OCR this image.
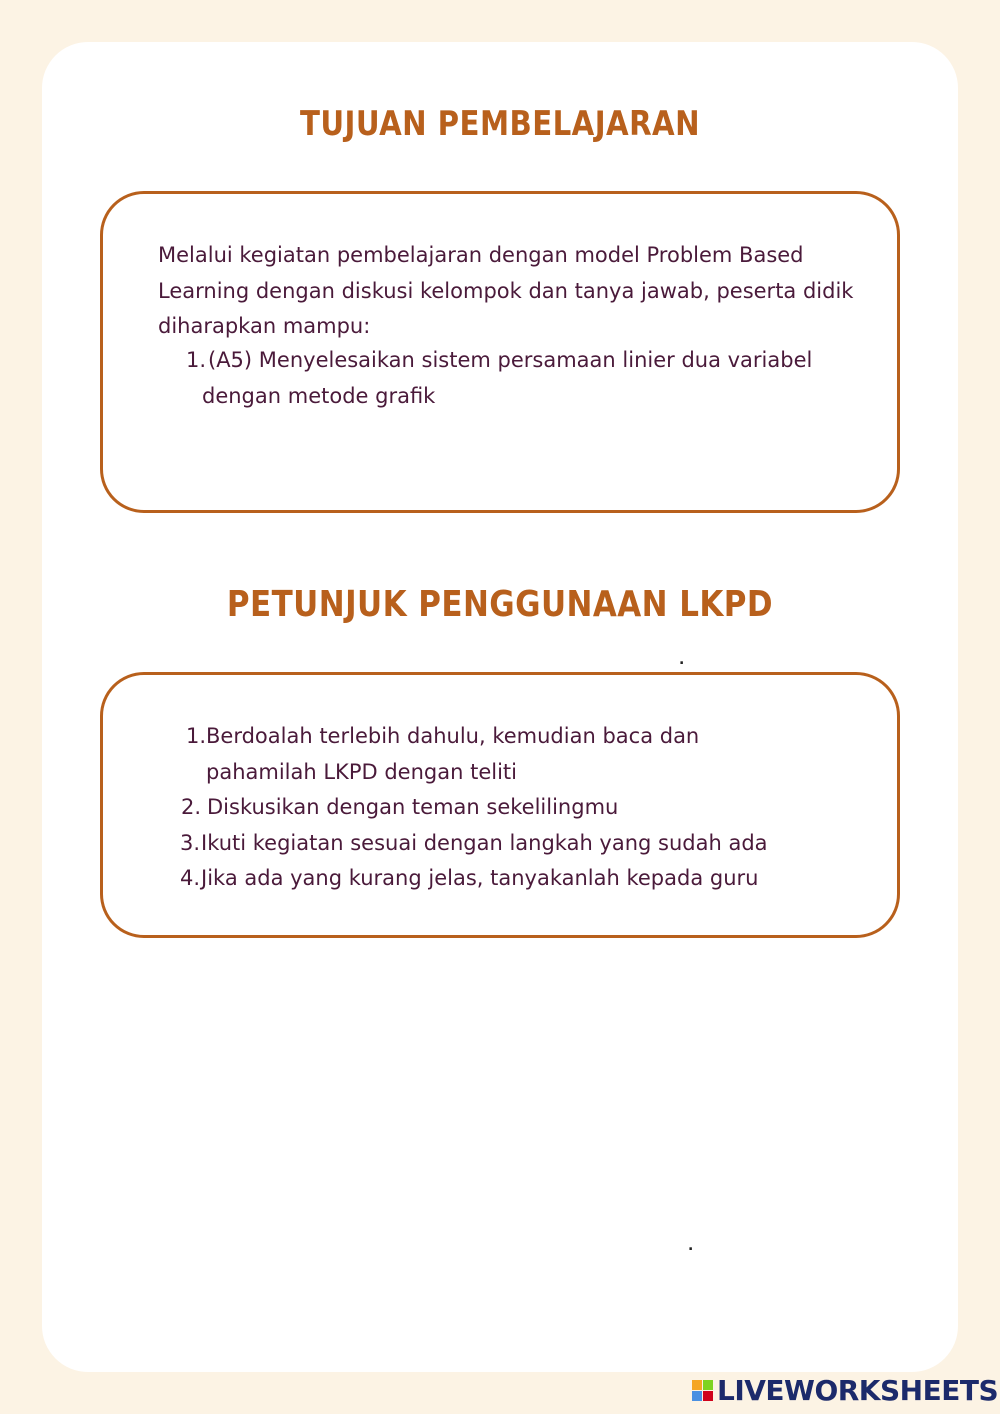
TUJUAN PEMBELAJARAN
Melalui kegiatan pembelajaran dengan model Problem Based Learning dengan diskusi kelompok dan tanya jawab, peserta didik diharapkan mampu:
1. (A5) Menyelesaikan sistem persamaan linier dua variabel dengan metode grafik
PETUNJUK PENGGUNAAN LKPD
.
1. Berdoalah terlebih dahulu, kemudian baca dan pahamilah LKPD dengan teliti
2. Diskusikan dengan teman sekelilingmu
3. Ikuti kegiatan sesuai dengan langkah yang sudah ada
4. Jika ada yang kurang jelas, tanyakanlah kepada guru
.
LIVEWORKSHEETS
